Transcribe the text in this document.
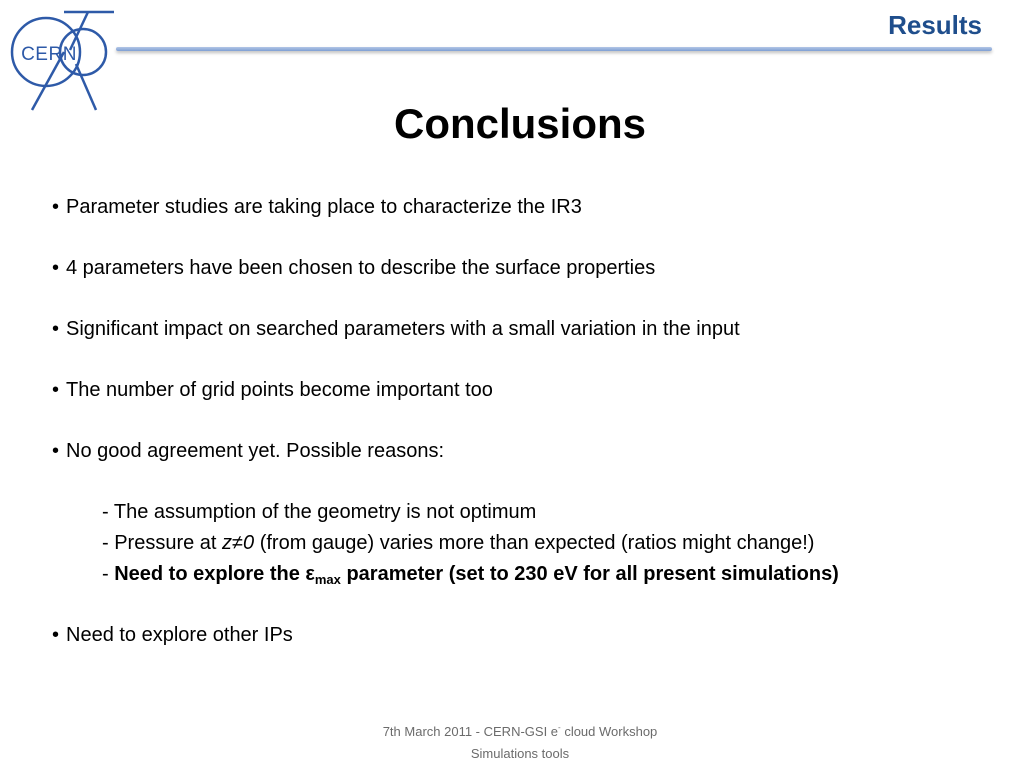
CERN
Results
Conclusions
• Parameter studies are taking place to characterize the IR3
• 4 parameters have been chosen to describe the surface properties
• Significant impact on searched parameters with a small variation in the input
• The number of grid points become important too
• No good agreement yet. Possible reasons:
- The assumption of the geometry is not optimum
- Pressure at z≠0 (from gauge) varies more than expected (ratios might change!)
- Need to explore the $\varepsilon_{max}$ parameter (set to 230 eV for all present simulations)
• Need to explore other IPs
7th March 2011 - CERN-GSI e- cloud Workshop
Simulations tools
